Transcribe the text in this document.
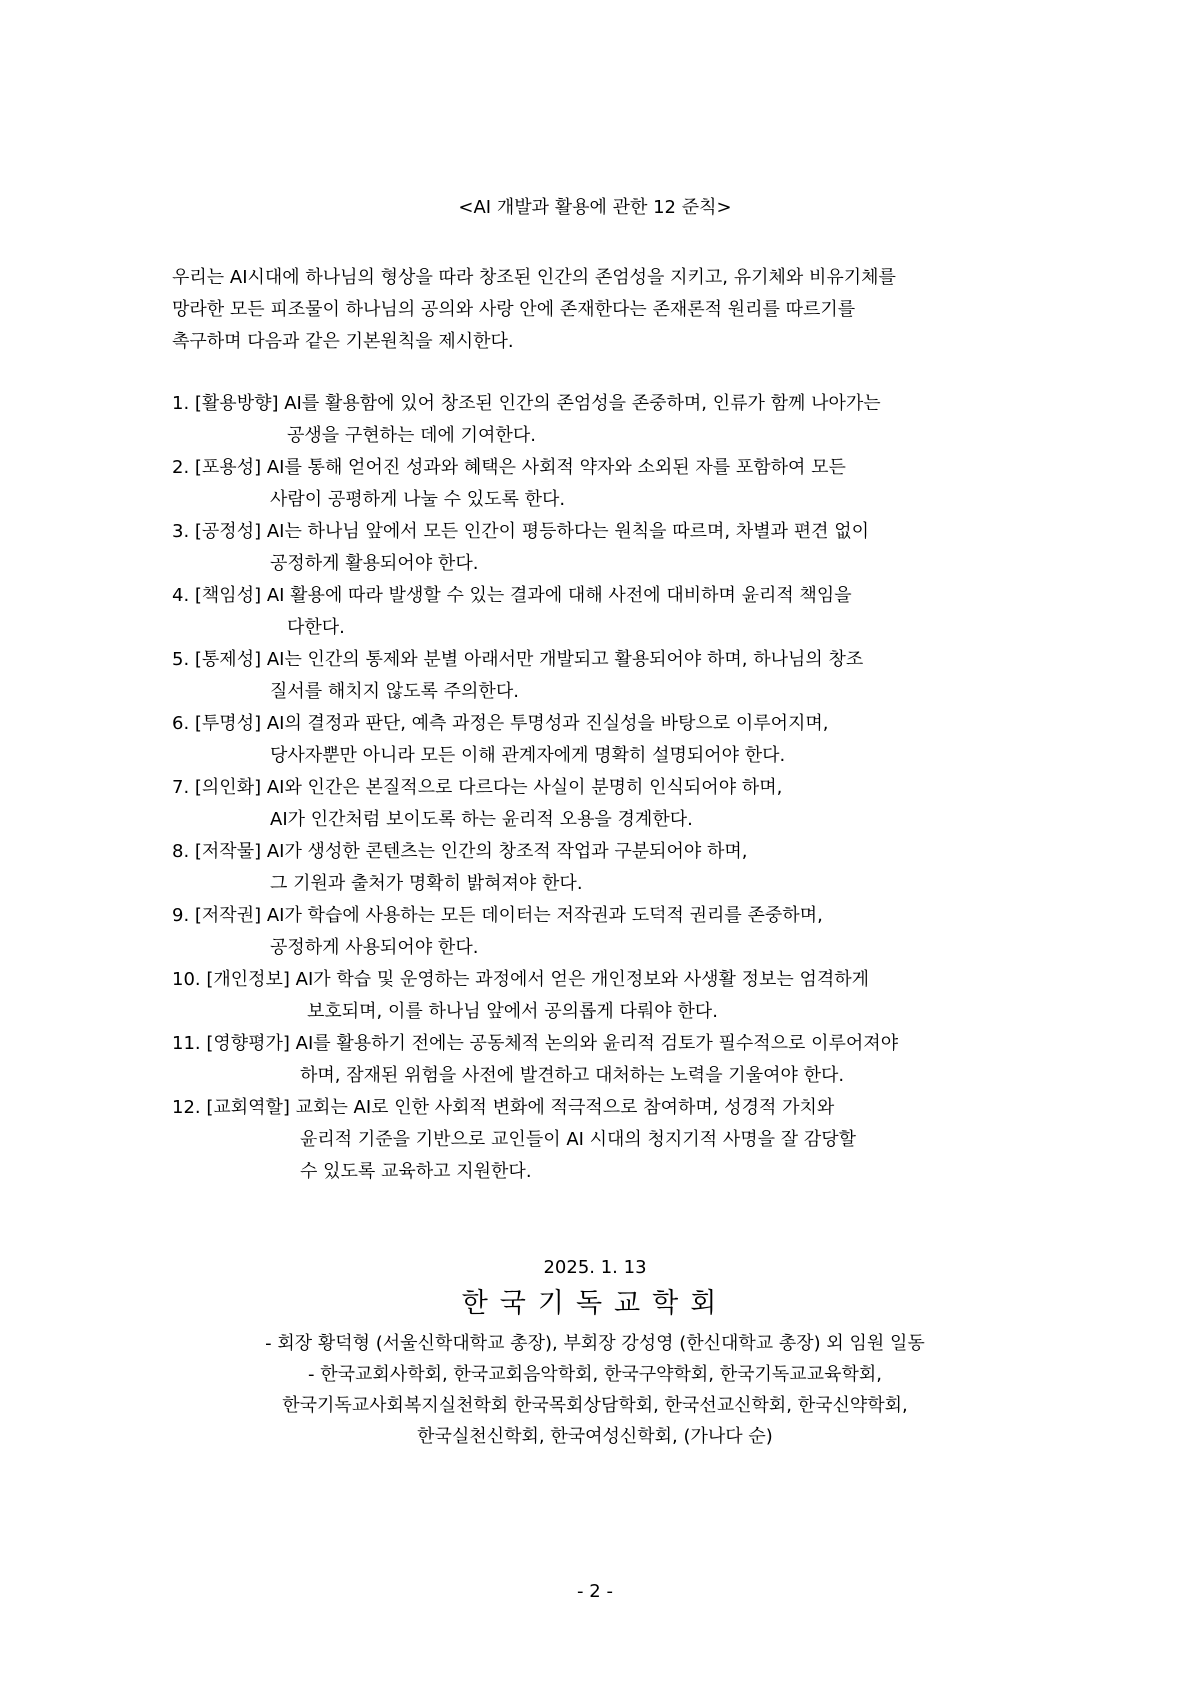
<AI 개발과 활용에 관한 12 준칙>
우리는 AI시대에 하나님의 형상을 따라 창조된 인간의 존엄성을 지키고, 유기체와 비유기체를
망라한 모든 피조물이 하나님의 공의와 사랑 안에 존재한다는 존재론적 원리를 따르기를
촉구하며 다음과 같은 기본원칙을 제시한다.
1. [활용방향] AI를 활용함에 있어 창조된 인간의 존엄성을 존중하며, 인류가 함께 나아가는
공생을 구현하는 데에 기여한다.
2. [포용성] AI를 통해 얻어진 성과와 혜택은 사회적 약자와 소외된 자를 포함하여 모든
사람이 공평하게 나눌 수 있도록 한다.
3. [공정성] AI는 하나님 앞에서 모든 인간이 평등하다는 원칙을 따르며, 차별과 편견 없이
공정하게 활용되어야 한다.
4. [책임성] AI 활용에 따라 발생할 수 있는 결과에 대해 사전에 대비하며 윤리적 책임을
다한다.
5. [통제성] AI는 인간의 통제와 분별 아래서만 개발되고 활용되어야 하며, 하나님의 창조
질서를 해치지 않도록 주의한다.
6. [투명성] AI의 결정과 판단, 예측 과정은 투명성과 진실성을 바탕으로 이루어지며,
당사자뿐만 아니라 모든 이해 관계자에게 명확히 설명되어야 한다.
7. [의인화] AI와 인간은 본질적으로 다르다는 사실이 분명히 인식되어야 하며,
AI가 인간처럼 보이도록 하는 윤리적 오용을 경계한다.
8. [저작물] AI가 생성한 콘텐츠는 인간의 창조적 작업과 구분되어야 하며,
그 기원과 출처가 명확히 밝혀져야 한다.
9. [저작권] AI가 학습에 사용하는 모든 데이터는 저작권과 도덕적 권리를 존중하며,
공정하게 사용되어야 한다.
10. [개인정보] AI가 학습 및 운영하는 과정에서 얻은 개인정보와 사생활 정보는 엄격하게
보호되며, 이를 하나님 앞에서 공의롭게 다뤄야 한다.
11. [영향평가] AI를 활용하기 전에는 공동체적 논의와 윤리적 검토가 필수적으로 이루어져야
하며, 잠재된 위험을 사전에 발견하고 대처하는 노력을 기울여야 한다.
12. [교회역할] 교회는 AI로 인한 사회적 변화에 적극적으로 참여하며, 성경적 가치와
윤리적 기준을 기반으로 교인들이 AI 시대의 청지기적 사명을 잘 감당할
수 있도록 교육하고 지원한다.
2025. 1. 13
한국기독교학회
- 회장 황덕형 (서울신학대학교 총장), 부회장 강성영 (한신대학교 총장) 외 임원 일동
- 한국교회사학회, 한국교회음악학회, 한국구약학회, 한국기독교교육학회,
한국기독교사회복지실천학회 한국목회상담학회, 한국선교신학회, 한국신약학회,
한국실천신학회, 한국여성신학회, (가나다 순)
- 2 -
